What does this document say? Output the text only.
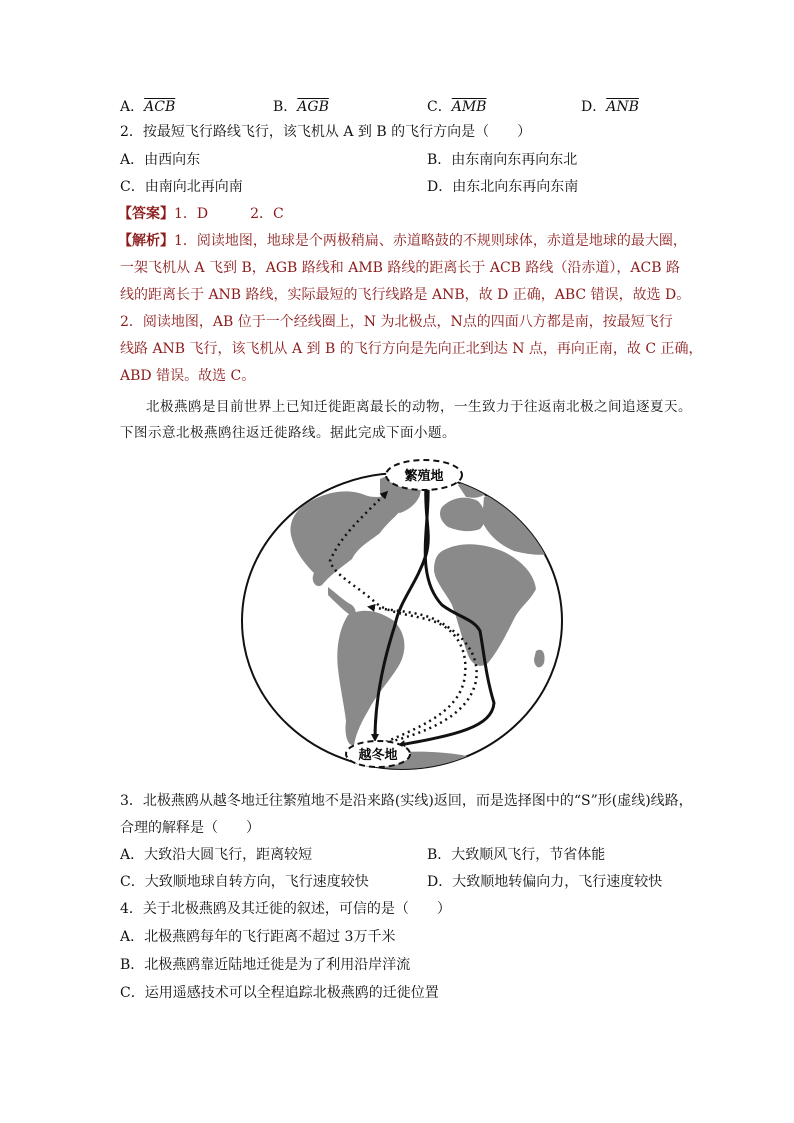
A．$\overline{ACB}$	B．$\overline{AGB}$	C．$\overline{AMB}$	D．$\overline{ANB}$
2．按最短飞行路线飞行，该飞机从 A 到 B 的飞行方向是（　　）
A．由西向东	B．由东南向东再向东北
C．由南向北再向南	D．由东北向东再向东南
【答案】1．D　　　2．C
【解析】1．阅读地图，地球是个两极稍扁、赤道略鼓的不规则球体，赤道是地球的最大圈，
一架飞机从 A 飞到 B，AGB 路线和 AMB 路线的距离长于 ACB 路线（沿赤道），ACB 路
线的距离长于 ANB 路线，实际最短的飞行线路是 ANB，故 D 正确，ABC 错误，故选 D。
2．阅读地图，AB 位于一个经线圈上，N 为北极点，N点的四面八方都是南，按最短飞行
线路 ANB 飞行，该飞机从 A 到 B 的飞行方向是先向正北到达 N 点，再向正南，故 C 正确，
ABD 错误。故选 C。
北极燕鸥是目前世界上已知迁徙距离最长的动物，一生致力于往返南北极之间追逐夏天。
下图示意北极燕鸥往返迁徙路线。据此完成下面小题。
繁殖地
越冬地
3．北极燕鸥从越冬地迁往繁殖地不是沿来路(实线)返回，而是选择图中的“S”形(虚线)线路，
合理的解释是（　　）
A．大致沿大圆飞行，距离较短	B．大致顺风飞行，节省体能
C．大致顺地球自转方向，飞行速度较快	D．大致顺地转偏向力，飞行速度较快
4．关于北极燕鸥及其迁徙的叙述，可信的是（　　）
A．北极燕鸥每年的飞行距离不超过 3万千米
B．北极燕鸥靠近陆地迁徙是为了利用沿岸洋流
C．运用遥感技术可以全程追踪北极燕鸥的迁徙位置
